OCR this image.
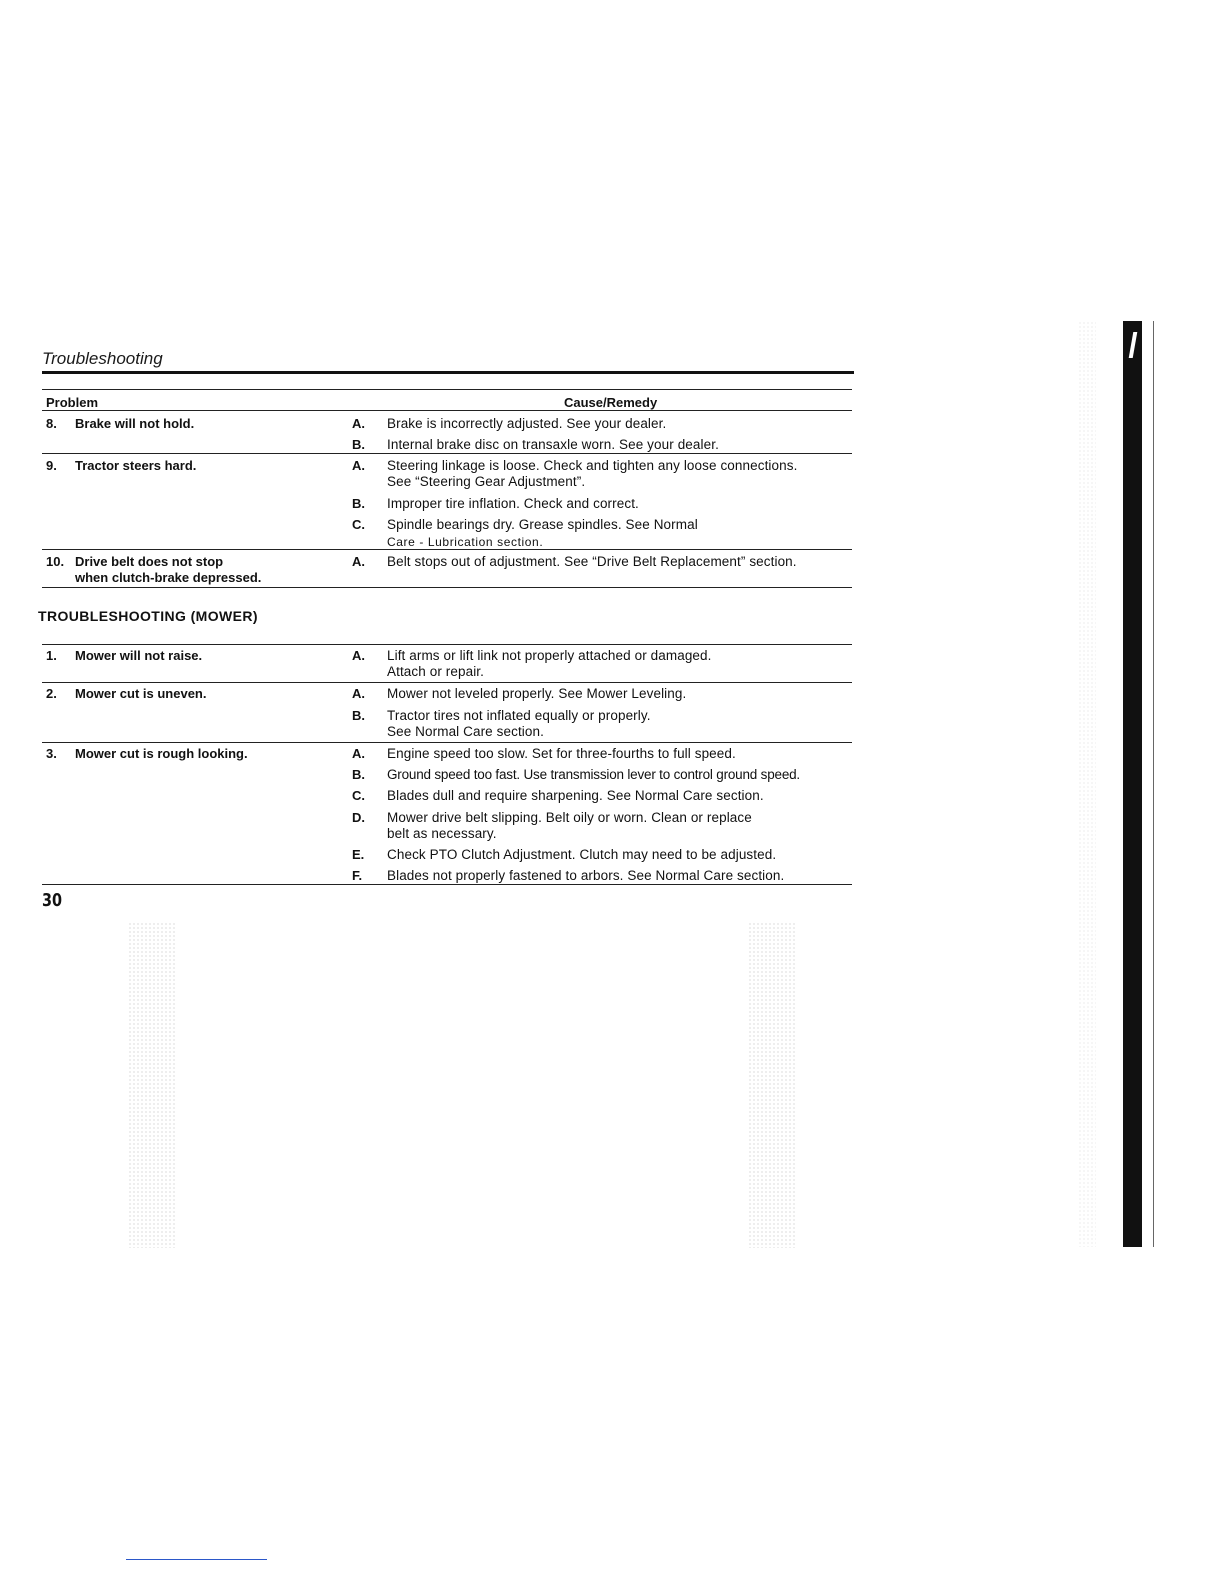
Troubleshooting
Problem	Cause/Remedy
8. Brake will not hold.	A. Brake is incorrectly adjusted. See your dealer.
B. Internal brake disc on transaxle worn. See your dealer.
9. Tractor steers hard.	A. Steering linkage is loose. Check and tighten any loose connections.
See “Steering Gear Adjustment”.
B. Improper tire inflation. Check and correct.
C. Spindle bearings dry. Grease spindles. See Normal
Care - Lubrication section.
10. Drive belt does not stop
when clutch-brake depressed.
A. Belt stops out of adjustment. See “Drive Belt Replacement” section.
TROUBLESHOOTING (MOWER)
1. Mower will not raise.	A. Lift arms or lift link not properly attached or damaged.
Attach or repair.
2. Mower cut is uneven.	A. Mower not leveled properly. See Mower Leveling.
B. Tractor tires not inflated equally or properly.
See Normal Care section.
3. Mower cut is rough looking.	A. Engine speed too slow. Set for three-fourths to full speed.
B. Ground speed too fast. Use transmission lever to control ground speed.
C. Blades dull and require sharpening. See Normal Care section.
D. Mower drive belt slipping. Belt oily or worn. Clean or replace
belt as necessary.
E. Check PTO Clutch Adjustment. Clutch may need to be adjusted.
F. Blades not properly fastened to arbors. See Normal Care section.
30
